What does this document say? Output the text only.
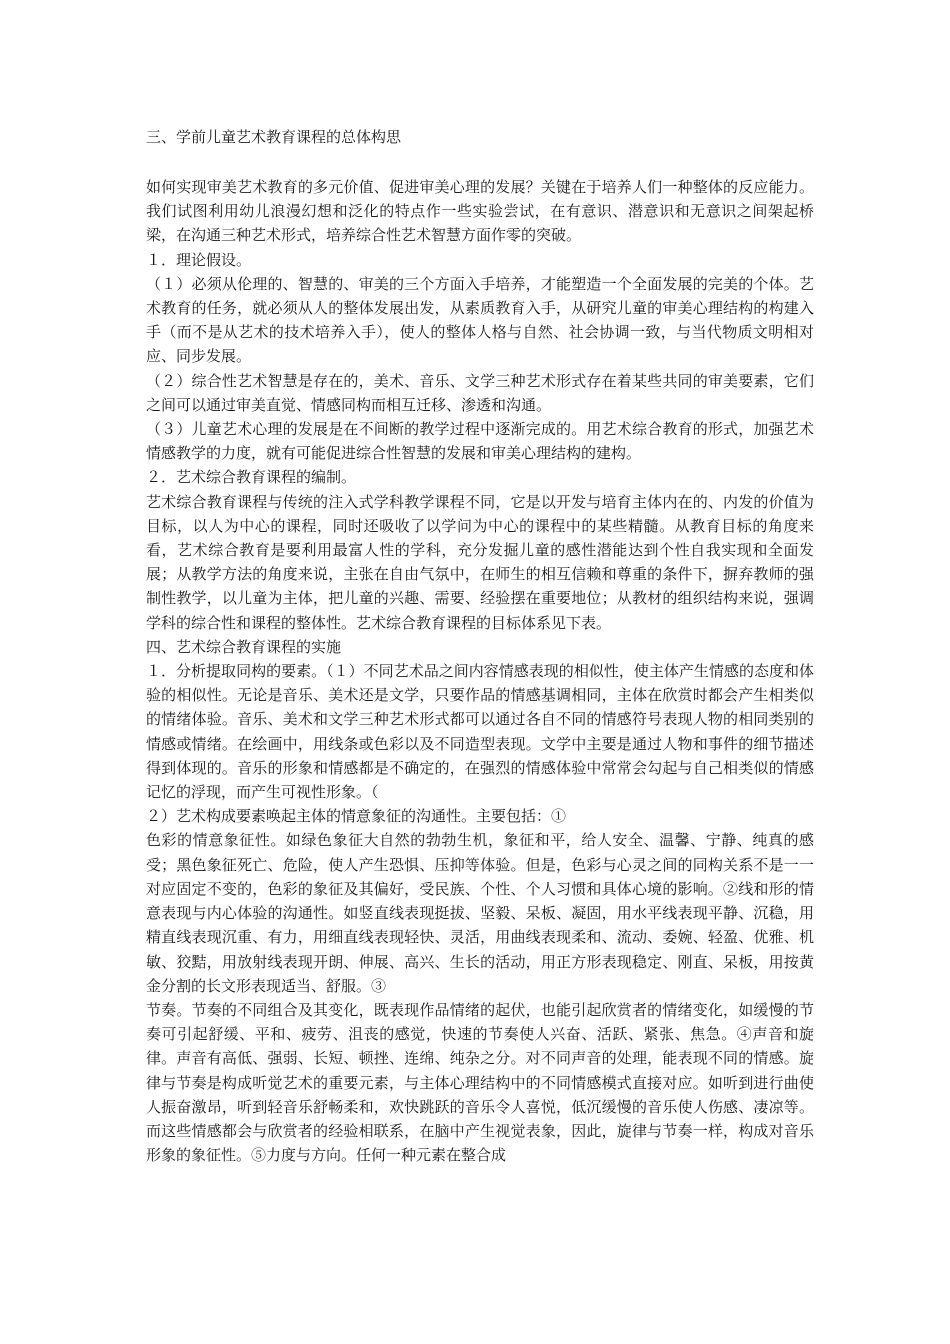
三、学前儿童艺术教育课程的总体构思

如何实现审美艺术教育的多元价值、促进审美心理的发展？关键在于培养人们一种整体的反应能力。我们试图利用幼儿浪漫幻想和泛化的特点作一些实验尝试，在有意识、潜意识和无意识之间架起桥梁，在沟通三种艺术形式，培养综合性艺术智慧方面作零的突破。

１．理论假设。

（１）必须从伦理的、智慧的、审美的三个方面入手培养，才能塑造一个全面发展的完美的个体。艺术教育的任务，就必须从人的整体发展出发，从素质教育入手，从研究儿童的审美心理结构的构建入手（而不是从艺术的技术培养入手），使人的整体人格与自然、社会协调一致，与当代物质文明相对应、同步发展。

（２）综合性艺术智慧是存在的，美术、音乐、文学三种艺术形式存在着某些共同的审美要素，它们之间可以通过审美直觉、情感同构而相互迁移、渗透和沟通。

（３）儿童艺术心理的发展是在不间断的教学过程中逐渐完成的。用艺术综合教育的形式，加强艺术情感教学的力度，就有可能促进综合性智慧的发展和审美心理结构的建构。

２．艺术综合教育课程的编制。

艺术综合教育课程与传统的注入式学科教学课程不同，它是以开发与培育主体内在的、内发的价值为目标，以人为中心的课程，同时还吸收了以学问为中心的课程中的某些精髓。从教育目标的角度来看，艺术综合教育是要利用最富人性的学科，充分发掘儿童的感性潜能达到个性自我实现和全面发展；从教学方法的角度来说，主张在自由气氛中，在师生的相互信赖和尊重的条件下，摒弃教师的强制性教学，以儿童为主体，把儿童的兴趣、需要、经验摆在重要地位；从教材的组织结构来说，强调学科的综合性和课程的整体性。艺术综合教育课程的目标体系见下表。

四、艺术综合教育课程的实施

１．分析提取同构的要素。（１）不同艺术品之间内容情感表现的相似性，使主体产生情感的态度和体验的相似性。无论是音乐、美术还是文学，只要作品的情感基调相同，主体在欣赏时都会产生相类似的情绪体验。音乐、美术和文学三种艺术形式都可以通过各自不同的情感符号表现人物的相同类别的情感或情绪。在绘画中，用线条或色彩以及不同造型表现。文学中主要是通过人物和事件的细节描述得到体现的。音乐的形象和情感都是不确定的，在强烈的情感体验中常常会勾起与自己相类似的情感记忆的浮现，而产生可视性形象。（

２）艺术构成要素唤起主体的情意象征的沟通性。主要包括：①

色彩的情意象征性。如绿色象征大自然的勃勃生机，象征和平，给人安全、温馨、宁静、纯真的感受；黑色象征死亡、危险，使人产生恐惧、压抑等体验。但是，色彩与心灵之间的同构关系不是一一对应固定不变的，色彩的象征及其偏好，受民族、个性、个人习惯和具体心境的影响。②线和形的情意表现与内心体验的沟通性。如竖直线表现挺拔、坚毅、呆板、凝固，用水平线表现平静、沉稳，用精直线表现沉重、有力，用细直线表现轻快、灵活，用曲线表现柔和、流动、委婉、轻盈、优雅、机敏、狡黠，用放射线表现开朗、伸展、高兴、生长的活动，用正方形表现稳定、刚直、呆板，用按黄金分割的长文形表现适当、舒服。③

节奏。节奏的不同组合及其变化，既表现作品情绪的起伏，也能引起欣赏者的情绪变化，如缓慢的节奏可引起舒缓、平和、疲劳、沮丧的感觉，快速的节奏使人兴奋、活跃、紧张、焦急。④声音和旋律。声音有高低、强弱、长短、顿挫、连绵、纯杂之分。对不同声音的处理，能表现不同的情感。旋律与节奏是构成听觉艺术的重要元素，与主体心理结构中的不同情感模式直接对应。如听到进行曲使人振奋激昂，听到轻音乐舒畅柔和，欢快跳跃的音乐令人喜悦，低沉缓慢的音乐使人伤感、凄凉等。而这些情感都会与欣赏者的经验相联系，在脑中产生视觉表象，因此，旋律与节奏一样，构成对音乐形象的象征性。⑤力度与方向。任何一种元素在整合成
